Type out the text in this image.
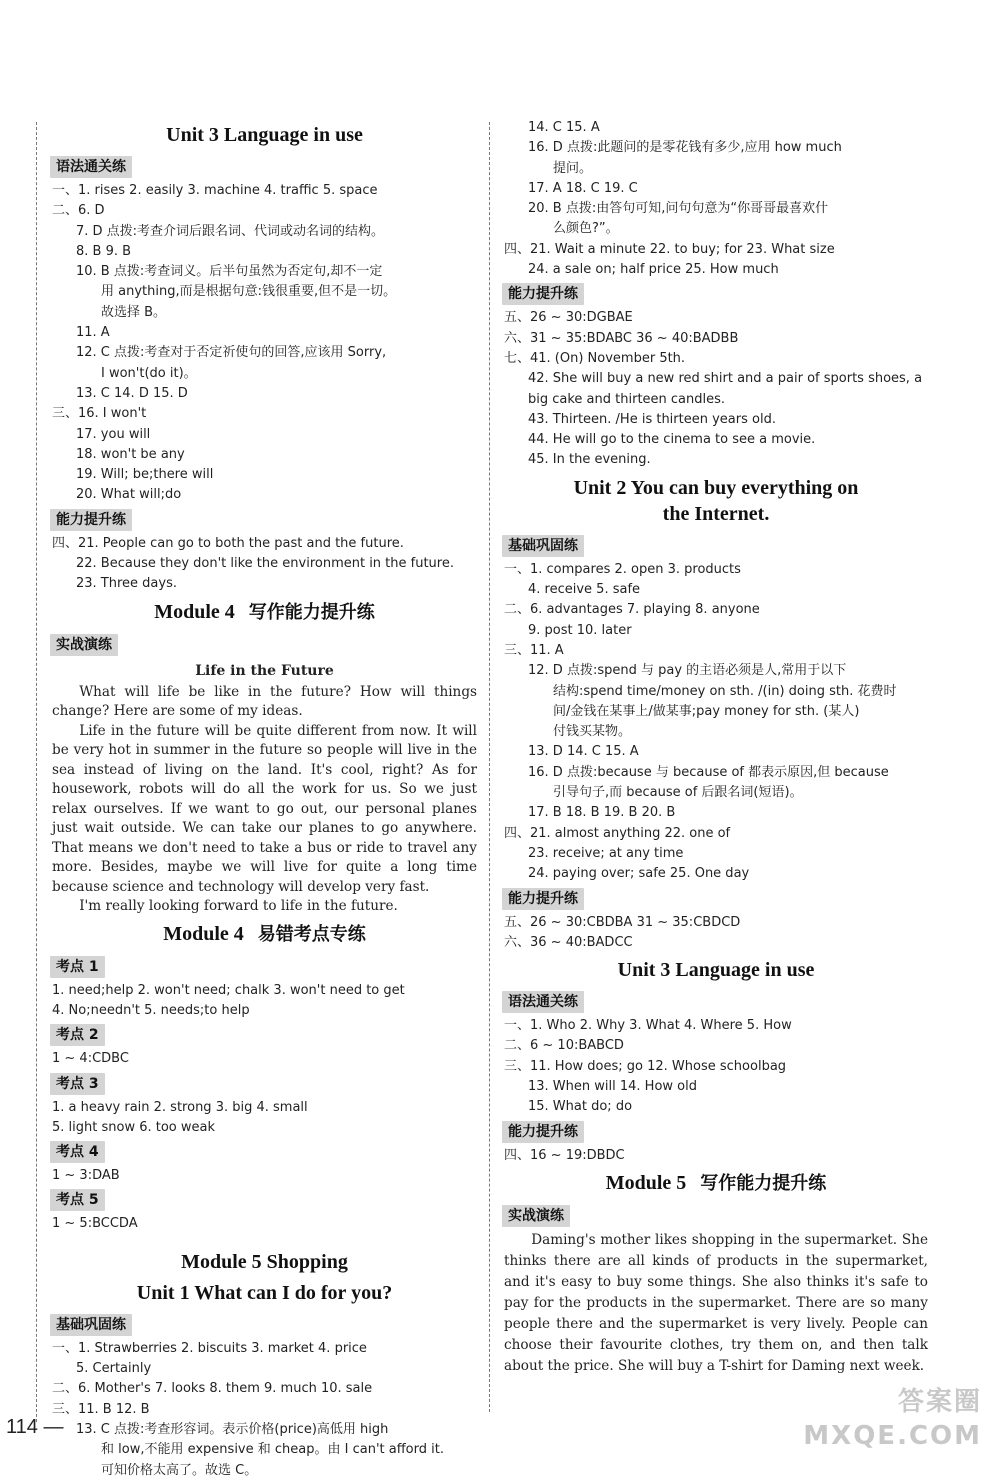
Unit 3 Language in use
语法通关练

一、1. rises 2. easily 3. machine 4. traffic 5. space

二、6. D

7. D 点拨:考查介词后跟名词、代词或动名词的结构。

8. B 9. B

10. B 点拨:考查词义。后半句虽然为否定句,却不一定

用 anything,而是根据句意:钱很重要,但不是一切。

故选择 B。

11. A

12. C 点拨:考查对于否定祈使句的回答,应该用 Sorry,

I won't(do it)。

13. C 14. D 15. D

三、16. I won't

17. you will

18. won't be any

19. Will; be;there will

20. What will;do

能力提升练

四、21. People can go to both the past and the future.

22. Because they don't like the environment in the future.

23. Three days.

Module 4 写作能力提升练
实战演练
Life in the Future

What will life be like in the future? How will things change? Here are some of my ideas.

Life in the future will be quite different from now. It will be very hot in summer in the future so people will live in the sea instead of living on the land. It's cool, right? As for housework, robots will do all the work for us. So we just relax ourselves. If we want to go out, our personal planes just wait outside. We can take our planes to go anywhere. That means we don't need to take a bus or ride to travel any more. Besides, maybe we will live for quite a long time because science and technology will develop very fast.

I'm really looking forward to life in the future.

Module 4 易错考点专练
考点 1

1. need;help 2. won't need; chalk 3. won't need to get

4. No;needn't 5. needs;to help

考点 2

1 ~ 4:CDBC

考点 3

1. a heavy rain 2. strong 3. big 4. small

5. light snow 6. too weak

考点 4

1 ~ 3:DAB

考点 5

1 ~ 5:BCCDA

Module 5 Shopping
Unit 1 What can I do for you?
基础巩固练

一、1. Strawberries 2. biscuits 3. market 4. price

5. Certainly

二、6. Mother's 7. looks 8. them 9. much 10. sale

三、11. B 12. B

13. C 点拨:考查形容词。表示价格(price)高低用 high

和 low,不能用 expensive 和 cheap。由 I can't afford it.

可知价格太高了。故选 C。

14. C 15. A

16. D 点拨:此题问的是零花钱有多少,应用 how much

提问。

17. A 18. C 19. C

20. B 点拨:由答句可知,问句句意为“你哥哥最喜欢什

么颜色?”。

四、21. Wait a minute 22. to buy; for 23. What size

24. a sale on; half price 25. How much

能力提升练

五、26 ~ 30:DGBAE

六、31 ~ 35:BDABC 36 ~ 40:BADBB

七、41. (On) November 5th.

42. She will buy a new red shirt and a pair of sports shoes, a

big cake and thirteen candles.

43. Thirteen. /He is thirteen years old.

44. He will go to the cinema to see a movie.

45. In the evening.

Unit 2 You can buy everything on
the Internet.
基础巩固练

一、1. compares 2. open 3. products

4. receive 5. safe

二、6. advantages 7. playing 8. anyone

9. post 10. later

三、11. A

12. D 点拨:spend 与 pay 的主语必须是人,常用于以下

结构:spend time/money on sth. /(in) doing sth. 花费时

间/金钱在某事上/做某事;pay money for sth. (某人)

付钱买某物。

13. D 14. C 15. A

16. D 点拨:because 与 because of 都表示原因,但 because

引导句子,而 because of 后跟名词(短语)。

17. B 18. B 19. B 20. B

四、21. almost anything 22. one of

23. receive; at any time

24. paying over; safe 25. One day

能力提升练

五、26 ~ 30:CBDBA 31 ~ 35:CBDCD

六、36 ~ 40:BADCC

Unit 3 Language in use
语法通关练

一、1. Who 2. Why 3. What 4. Where 5. How

二、6 ~ 10:BABCD

三、11. How does; go 12. Whose schoolbag

13. When will 14. How old

15. What do; do

能力提升练

四、16 ~ 19:DBDC

Module 5 写作能力提升练
实战演练

Daming's mother likes shopping in the supermarket. She thinks there are all kinds of products in the supermarket, and it's easy to buy some things. She also thinks it's safe to pay for the products in the supermarket. There are so many people there and the supermarket is very lively. People can choose their favourite clothes, try them on, and then talk about the price. She will buy a T-shirt for Daming next week.

114 —
答案圈
MXQE.COM
